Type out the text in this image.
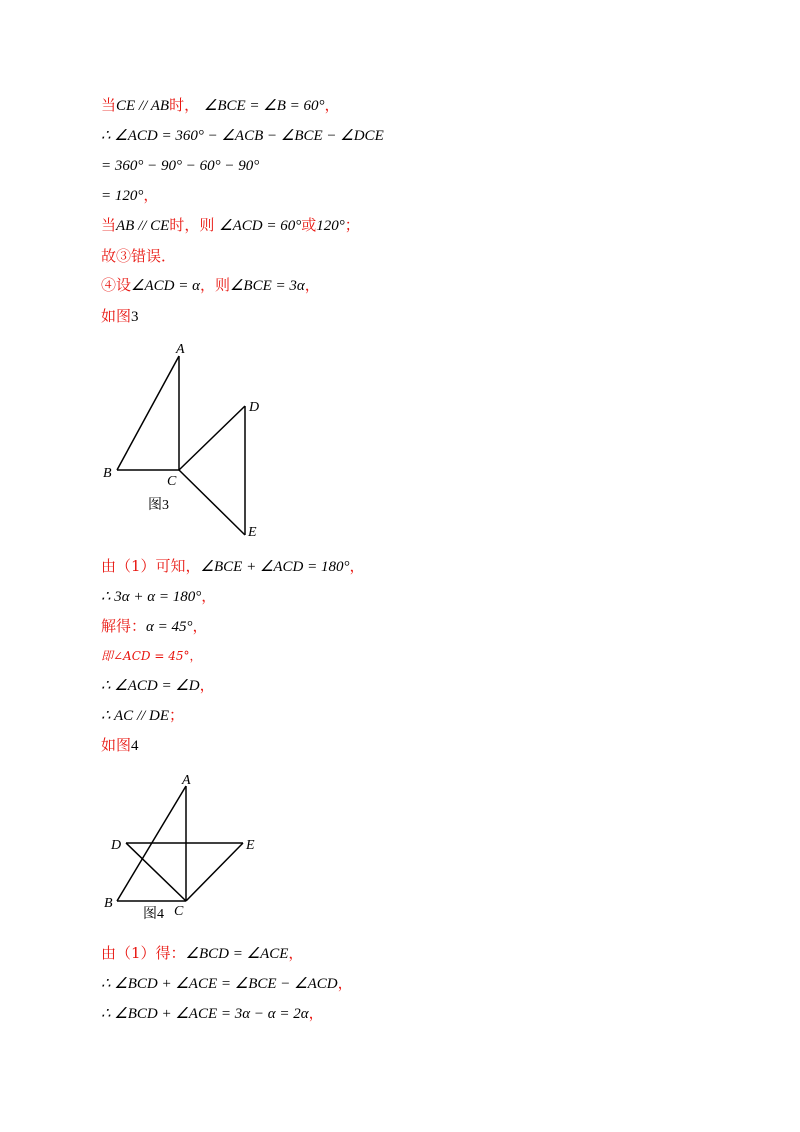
当CE // AB时， ∠BCE = ∠B = 60°，
∴ ∠ACD = 360° − ∠ACB − ∠BCE − ∠DCE
= 360° − 90° − 60° − 90°
= 120°，
当AB // CE时，则 ∠ACD = 60°或120°；
故③错误．
④设∠ACD = α，则∠BCE = 3α，
如图3
A
B
C
D
E
图3
由（1）可知，∠BCE + ∠ACD = 180°，
∴ 3α + α = 180°，
解得：α = 45°，
即∠ACD = 45°，
∴ ∠ACD = ∠D，
∴ AC // DE；
如图4
A
B
C
D	E
图4
由（1）得：∠BCD = ∠ACE，
∴ ∠BCD + ∠ACE = ∠BCE − ∠ACD，
∴ ∠BCD + ∠ACE = 3α − α = 2α，
